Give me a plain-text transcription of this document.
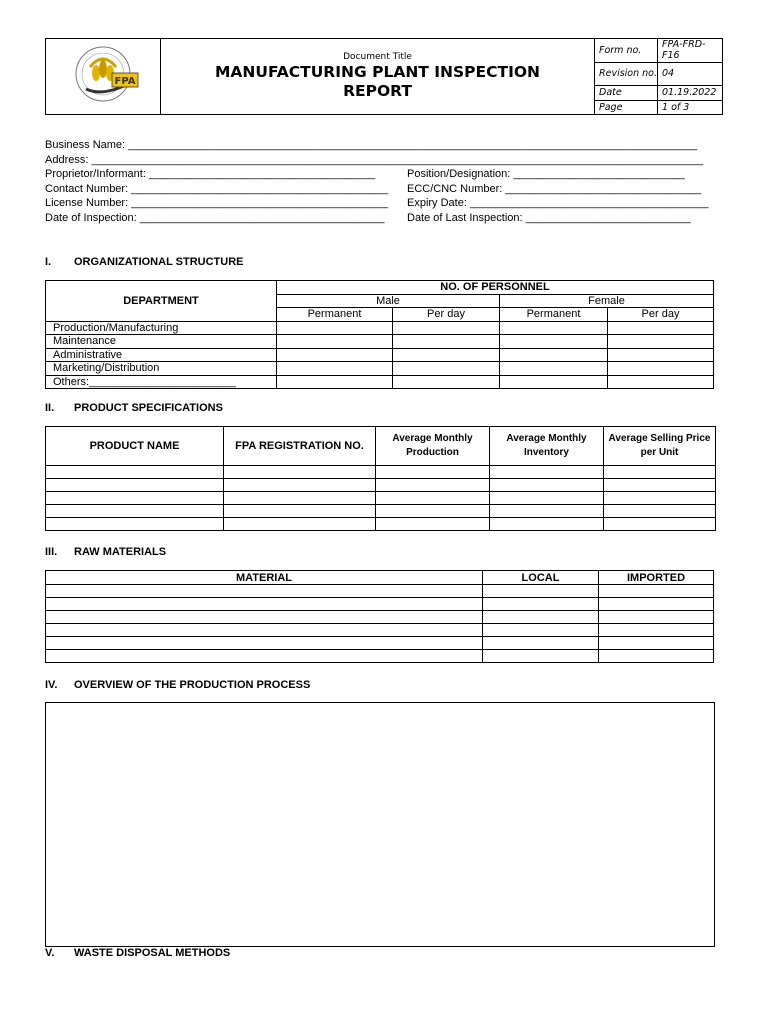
FPA	Document Title
MANUFACTURING PLANT INSPECTION
REPORT	Form no.	FPA-FRD-F16
		Revision no.	04
		Date	01.19.2022
		Page	1 of 3
Business Name: _____________________________________________________________________________________________
Address: ____________________________________________________________________________________________________
Proprietor/Informant: _____________________________________	Position/Designation: ____________________________
Contact Number: __________________________________________ ECC/CNC Number: ________________________________
License Number: __________________________________________ Expiry Date: _______________________________________
Date of Inspection: ________________________________________ Date of Last Inspection: ___________________________
I. ORGANIZATIONAL STRUCTURE
DEPARTMENT	NO. OF PERSONNEL			
	Male		Female	
	Permanent	Per day	Permanent	Per day
Production/Manufacturing				
Maintenance				
Administrative				
Marketing/Distribution				
Others:________________________				
II. PRODUCT SPECIFICATIONS
PRODUCT NAME	FPA REGISTRATION NO.	Average Monthly Production	Average Monthly Inventory	Average Selling Price per Unit

III. RAW MATERIALS
MATERIAL	LOCAL	IMPORTED

IV. OVERVIEW OF THE PRODUCTION PROCESS
V. WASTE DISPOSAL METHODS
